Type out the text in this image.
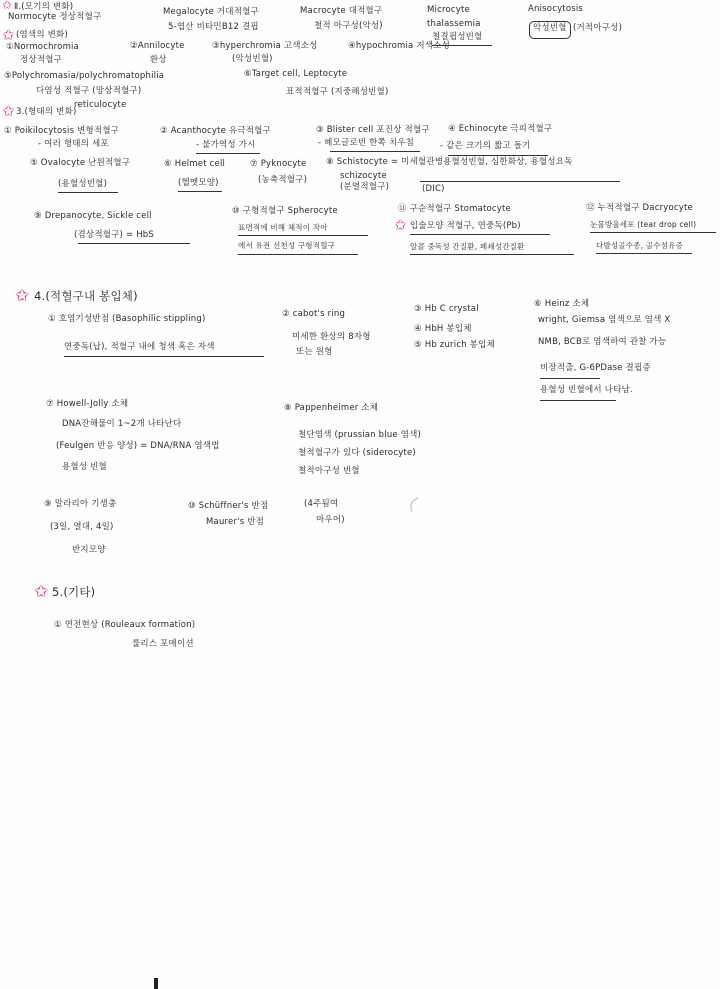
✩ Ⅱ.(모기의 변화)
Normocyte 정상적혈구	Megalocyte 거대적혈구
5-엽산 비타민B12 결핍
Macrocyte 대적혈구
철적 아구성(악성)
Microcyte
thalassemia
철결핍성빈혈
Anisocytosis
악성빈혈 (거적아구성)
✩ (염색의 변화)
①Normochromia
정상적혈구
②Annilocyte
환상
③hyperchromia 고색소성
(악성빈혈)
④hypochromia 저색소성
⑤Polychromasia/polychromatophilia
다염성 적혈구 (망상적혈구)
reticulocyte
⑥Target cell, Leptocyte
표적적혈구 (지중해성빈혈)
✩ 3.(형태의 변화)
① Poikilocytosis 변형적혈구
- 여러 형태의 세포
② Acanthocyte 유극적혈구
- 불가역성 가시
③ Blister cell 포진상 적혈구
- 혜모글로빈 한쪽 치우침
④ Echinocyte 극피적혈구
- 같은 크기의 짧고 돌기
⑤ Ovalocyte 난원적혈구
(용혈성빈혈)
⑥ Helmet cell
(헬멧모양)
⑦ Pyknocyte
(농축적혈구)
⑧ Schistocyte = 미세혈관병용혈성빈혈, 심한화상, 용혈성요독
schizocyte
(분열적혈구)	(DIC)
⑨ Drepanocyte, Sickle cell
(겸상적혈구) = HbS
⑩ 구형적혈구 Spherocyte
표면적에 비해 체적이 작아
에서 유전 선천성 구형적혈구
✩
⑪ 구순적혈구 Stomatocyte
입술모양 적혈구, 연중독(Pb)
알콜 중독성 간질환, 폐쇄성간질환
⑫ 누적적혈구 Dacryocyte
눈물방울세포 (tear drop cell)
다발성골수종, 골수섬유증
✩ 4.(적혈구내 봉입체)
① 호염기성반점 (Basophilic stippling)
연중독(납), 적혈구 내에 청색 혹은 자색
② cabot's ring
미세한 환상의 8자형
또는 원형
③ Hb C crystal
④ HbH 봉입체
⑤ Hb zurich 봉입체
⑥ Heinz 소체
wright, Giemsa 염색으로 염색 X
NMB, BCB로 염색하여 관찰 가능
비장적출, G-6PDase 결핍증
용혈성 빈혈에서 나타남.
⑦ Howell-Jolly 소체
DNA잔해물이 1~2개 나타난다
(Feulgen 반응 양성) = DNA/RNA 염색법
용혈성 빈혈
⑧ Pappenheimer 소체
철단염색 (prussian blue 염색)
철적혈구가 있다 (siderocyte)
철적아구성 빈혈
⑨ 말라리아 기생충
(3일, 열대, 4일)
반지모양
⑩ Schüffner's 반점
Maurer's 반점
(4주됨여
마우어)
✩ 5.(기타)
① 연전현상 (Rouleaux formation)
룰리스 포메이션
